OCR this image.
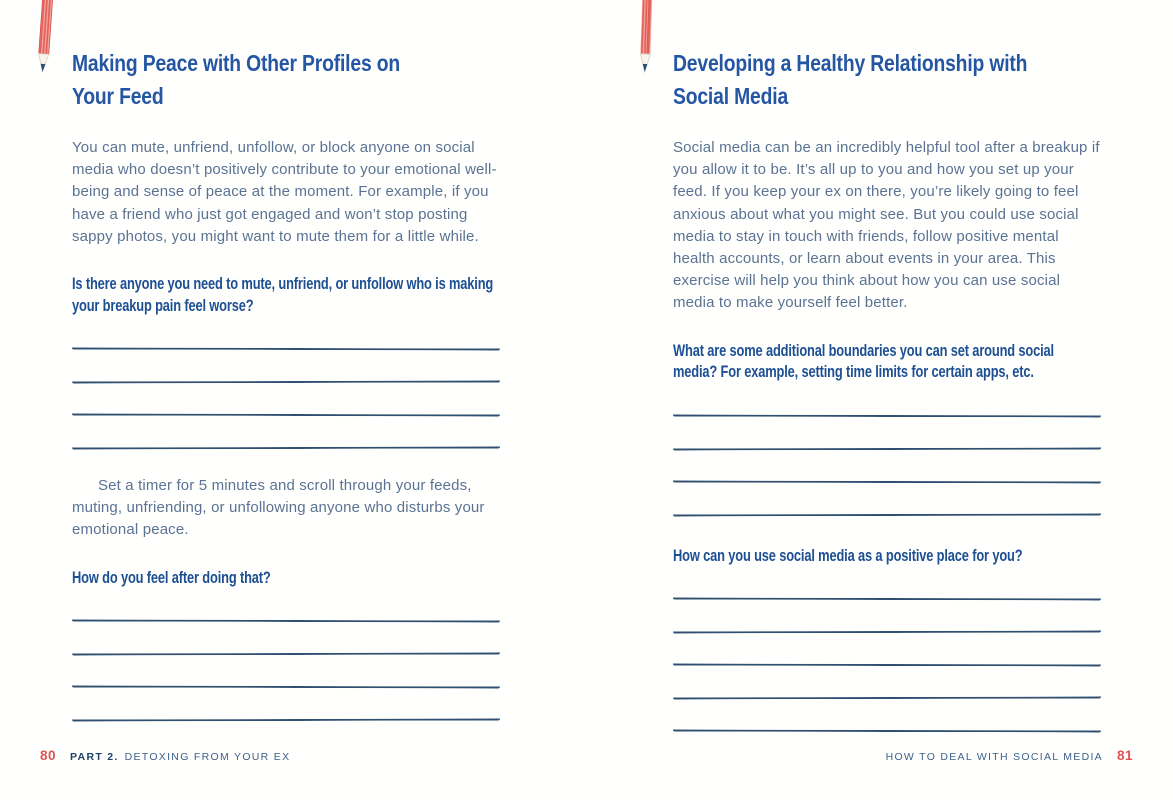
Making Peace with Other Profiles on
Your Feed

You can mute, unfriend, unfollow, or block anyone on social media who doesn’t positively contribute to your emotional well-being and sense of peace at the moment. For example, if you have a friend who just got engaged and won’t stop posting sappy photos, you might want to mute them for a little while.

Is there anyone you need to mute, unfriend, or unfollow who is making your breakup pain feel worse?

Set a timer for 5 minutes and scroll through your feeds, muting, unfriending, or unfollowing anyone who disturbs your emotional peace.

How do you feel after doing that?

Developing a Healthy Relationship with
Social Media

Social media can be an incredibly helpful tool after a breakup if you allow it to be. It’s all up to you and how you set up your feed. If you keep your ex on there, you’re likely going to feel anxious about what you might see. But you could use social media to stay in touch with friends, follow positive mental health accounts, or learn about events in your area. This exercise will help you think about how you can use social media to make yourself feel better.

What are some additional boundaries you can set around social media? For example, setting time limits for certain apps, etc.

How can you use social media as a positive place for you?

80 PART 2. DETOXING FROM YOUR EX	HOW TO DEAL WITH SOCIAL MEDIA 81
